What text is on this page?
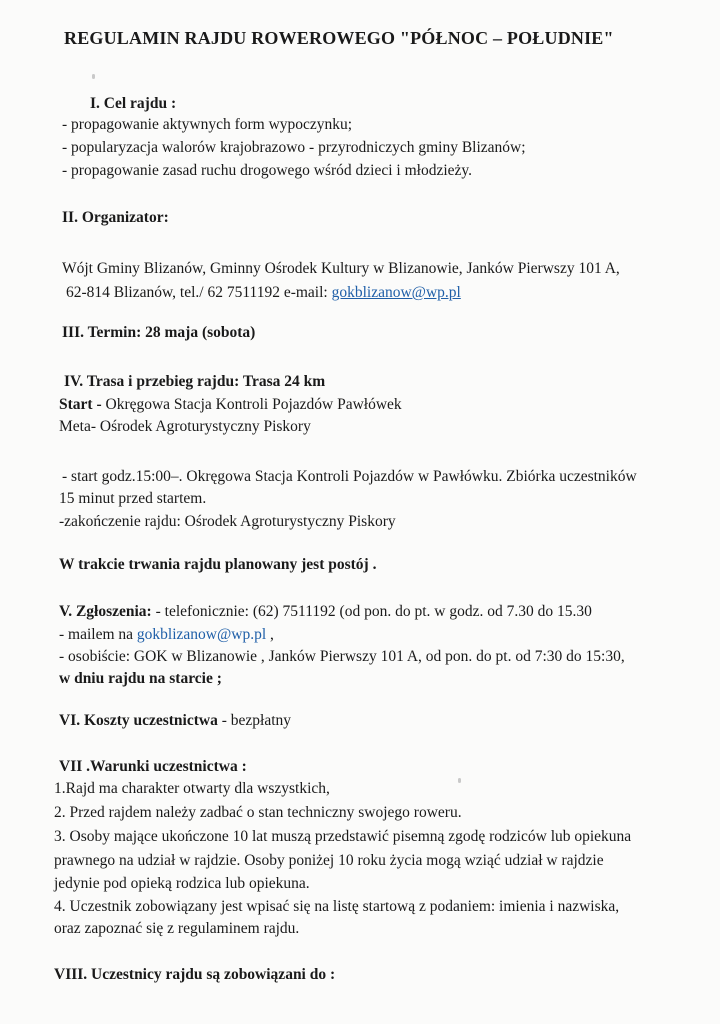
REGULAMIN RAJDU ROWEROWEGO "PÓŁNOC – POŁUDNIE"
I. Cel rajdu :
- propagowanie aktywnych form wypoczynku;
- popularyzacja walorów krajobrazowo - przyrodniczych gminy Blizanów;
- propagowanie zasad ruchu drogowego wśród dzieci i młodzieży.
II. Organizator:
Wójt Gminy Blizanów, Gminny Ośrodek Kultury w Blizanowie, Janków Pierwszy 101 A,
62-814 Blizanów, tel./ 62 7511192 e-mail: gokblizanow@wp.pl
III. Termin: 28 maja (sobota)
IV. Trasa i przebieg rajdu: Trasa 24 km
Start - Okręgowa Stacja Kontroli Pojazdów Pawłówek
Meta- Ośrodek Agroturystyczny Piskory
- start godz.15:00–. Okręgowa Stacja Kontroli Pojazdów w Pawłówku. Zbiórka uczestników
15 minut przed startem.
-zakończenie rajdu: Ośrodek Agroturystyczny Piskory
W trakcie trwania rajdu planowany jest postój .
V. Zgłoszenia: - telefonicznie: (62) 7511192 (od pon. do pt. w godz. od 7.30 do 15.30
- mailem na gokblizanow@wp.pl ,
- osobiście: GOK w Blizanowie , Janków Pierwszy 101 A, od pon. do pt. od 7:30 do 15:30,
w dniu rajdu na starcie ;
VI. Koszty uczestnictwa - bezpłatny
VII .Warunki uczestnictwa :
1.Rajd ma charakter otwarty dla wszystkich,
2. Przed rajdem należy zadbać o stan techniczny swojego roweru.
3. Osoby mające ukończone 10 lat muszą przedstawić pisemną zgodę rodziców lub opiekuna
prawnego na udział w rajdzie. Osoby poniżej 10 roku życia mogą wziąć udział w rajdzie
jedynie pod opieką rodzica lub opiekuna.
4. Uczestnik zobowiązany jest wpisać się na listę startową z podaniem: imienia i nazwiska,
oraz zapoznać się z regulaminem rajdu.
VIII. Uczestnicy rajdu są zobowiązani do :
